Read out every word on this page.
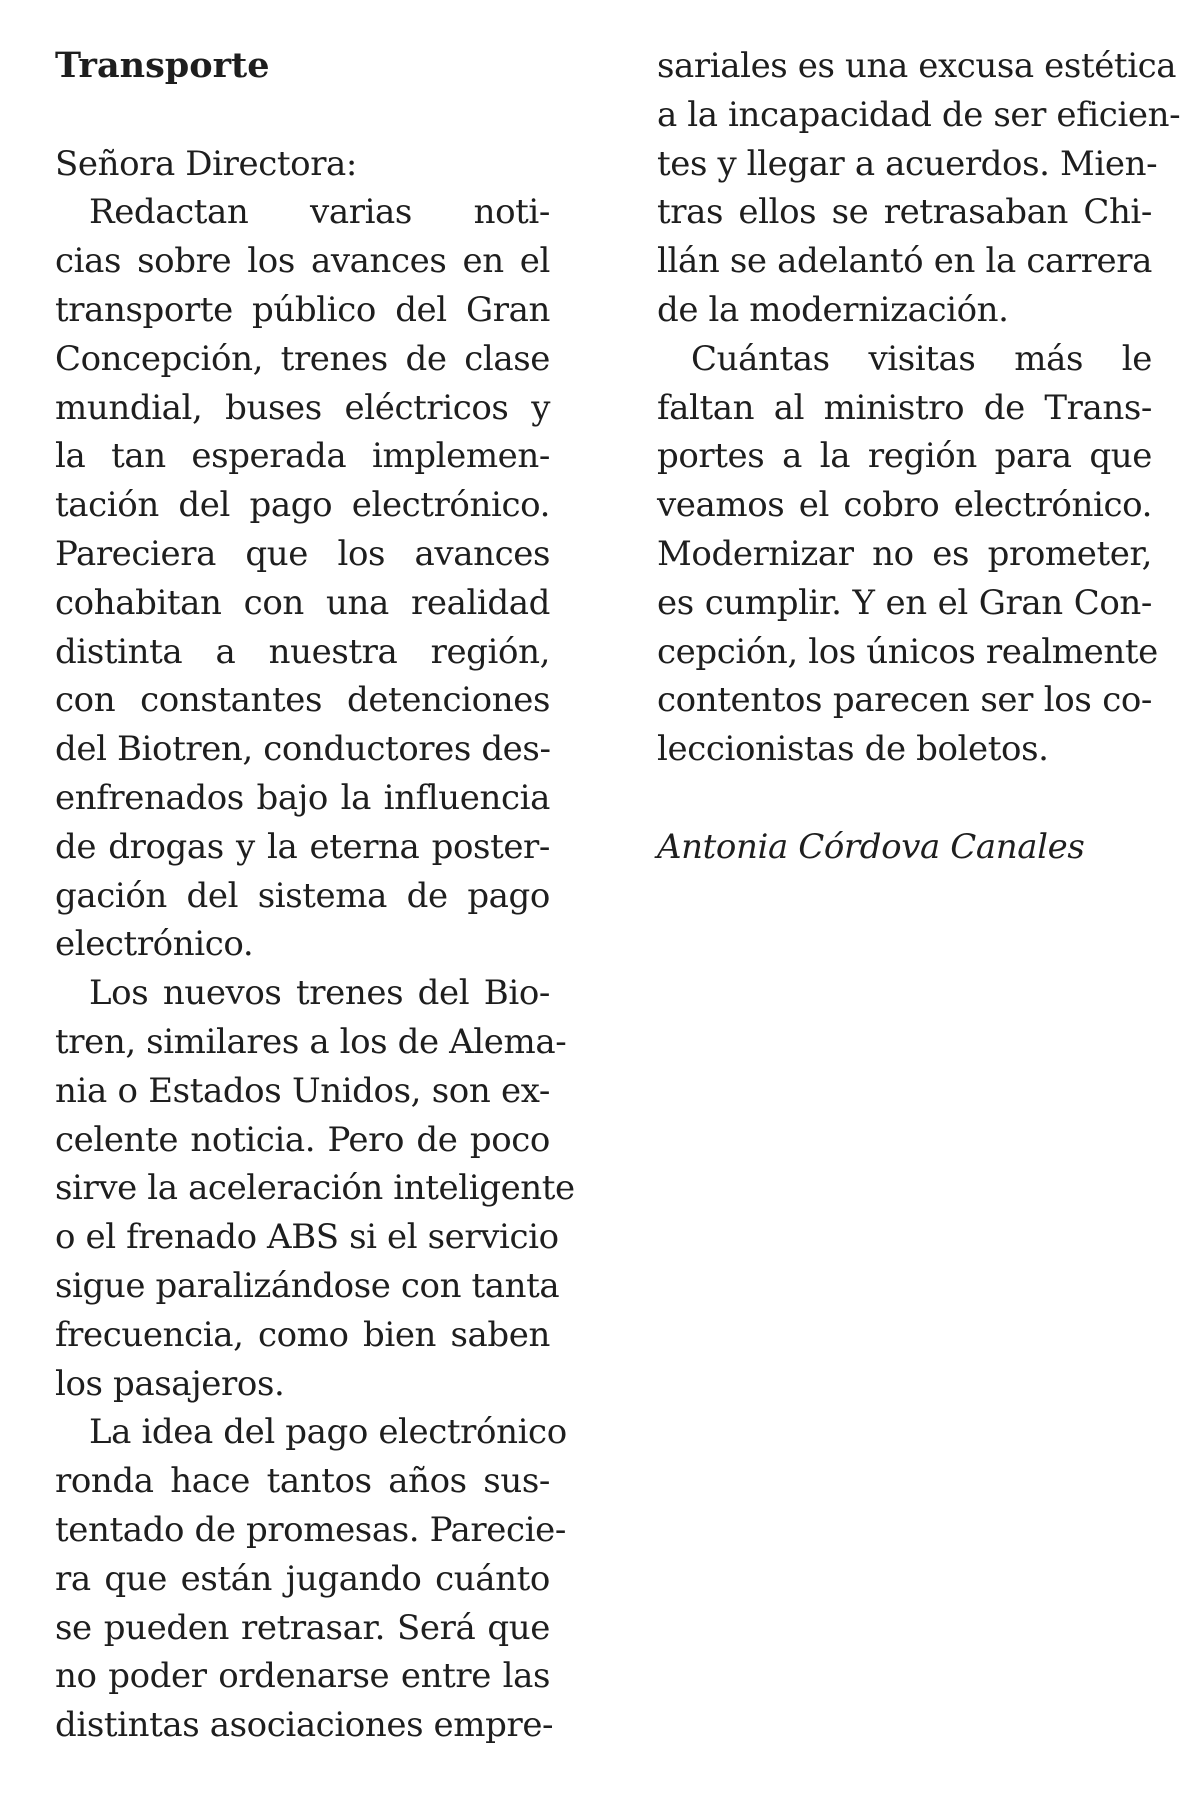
Transporte
Señora Directora:
Redactan varias noti-
cias sobre los avances en el
transporte público del Gran
Concepción, trenes de clase
mundial, buses eléctricos y
la tan esperada implemen-
tación del pago electrónico.
Pareciera que los avances
cohabitan con una realidad
distinta a nuestra región,
con constantes detenciones
del Biotren, conductores des-
enfrenados bajo la influencia
de drogas y la eterna poster-
gación del sistema de pago
electrónico.
Los nuevos trenes del Bio-
tren, similares a los de Alema-
nia o Estados Unidos, son ex-
celente noticia. Pero de poco
sirve la aceleración inteligente
o el frenado ABS si el servicio
sigue paralizándose con tanta
frecuencia, como bien saben
los pasajeros.
La idea del pago electrónico
ronda hace tantos años sus-
tentado de promesas. Parecie-
ra que están jugando cuánto
se pueden retrasar. Será que
no poder ordenarse entre las
distintas asociaciones empre-
sariales es una excusa estética
a la incapacidad de ser eficien-
tes y llegar a acuerdos. Mien-
tras ellos se retrasaban Chi-
llán se adelantó en la carrera
de la modernización.
Cuántas visitas más le
faltan al ministro de Trans-
portes a la región para que
veamos el cobro electrónico.
Modernizar no es prometer,
es cumplir. Y en el Gran Con-
cepción, los únicos realmente
contentos parecen ser los co-
leccionistas de boletos.
Antonia Córdova Canales
